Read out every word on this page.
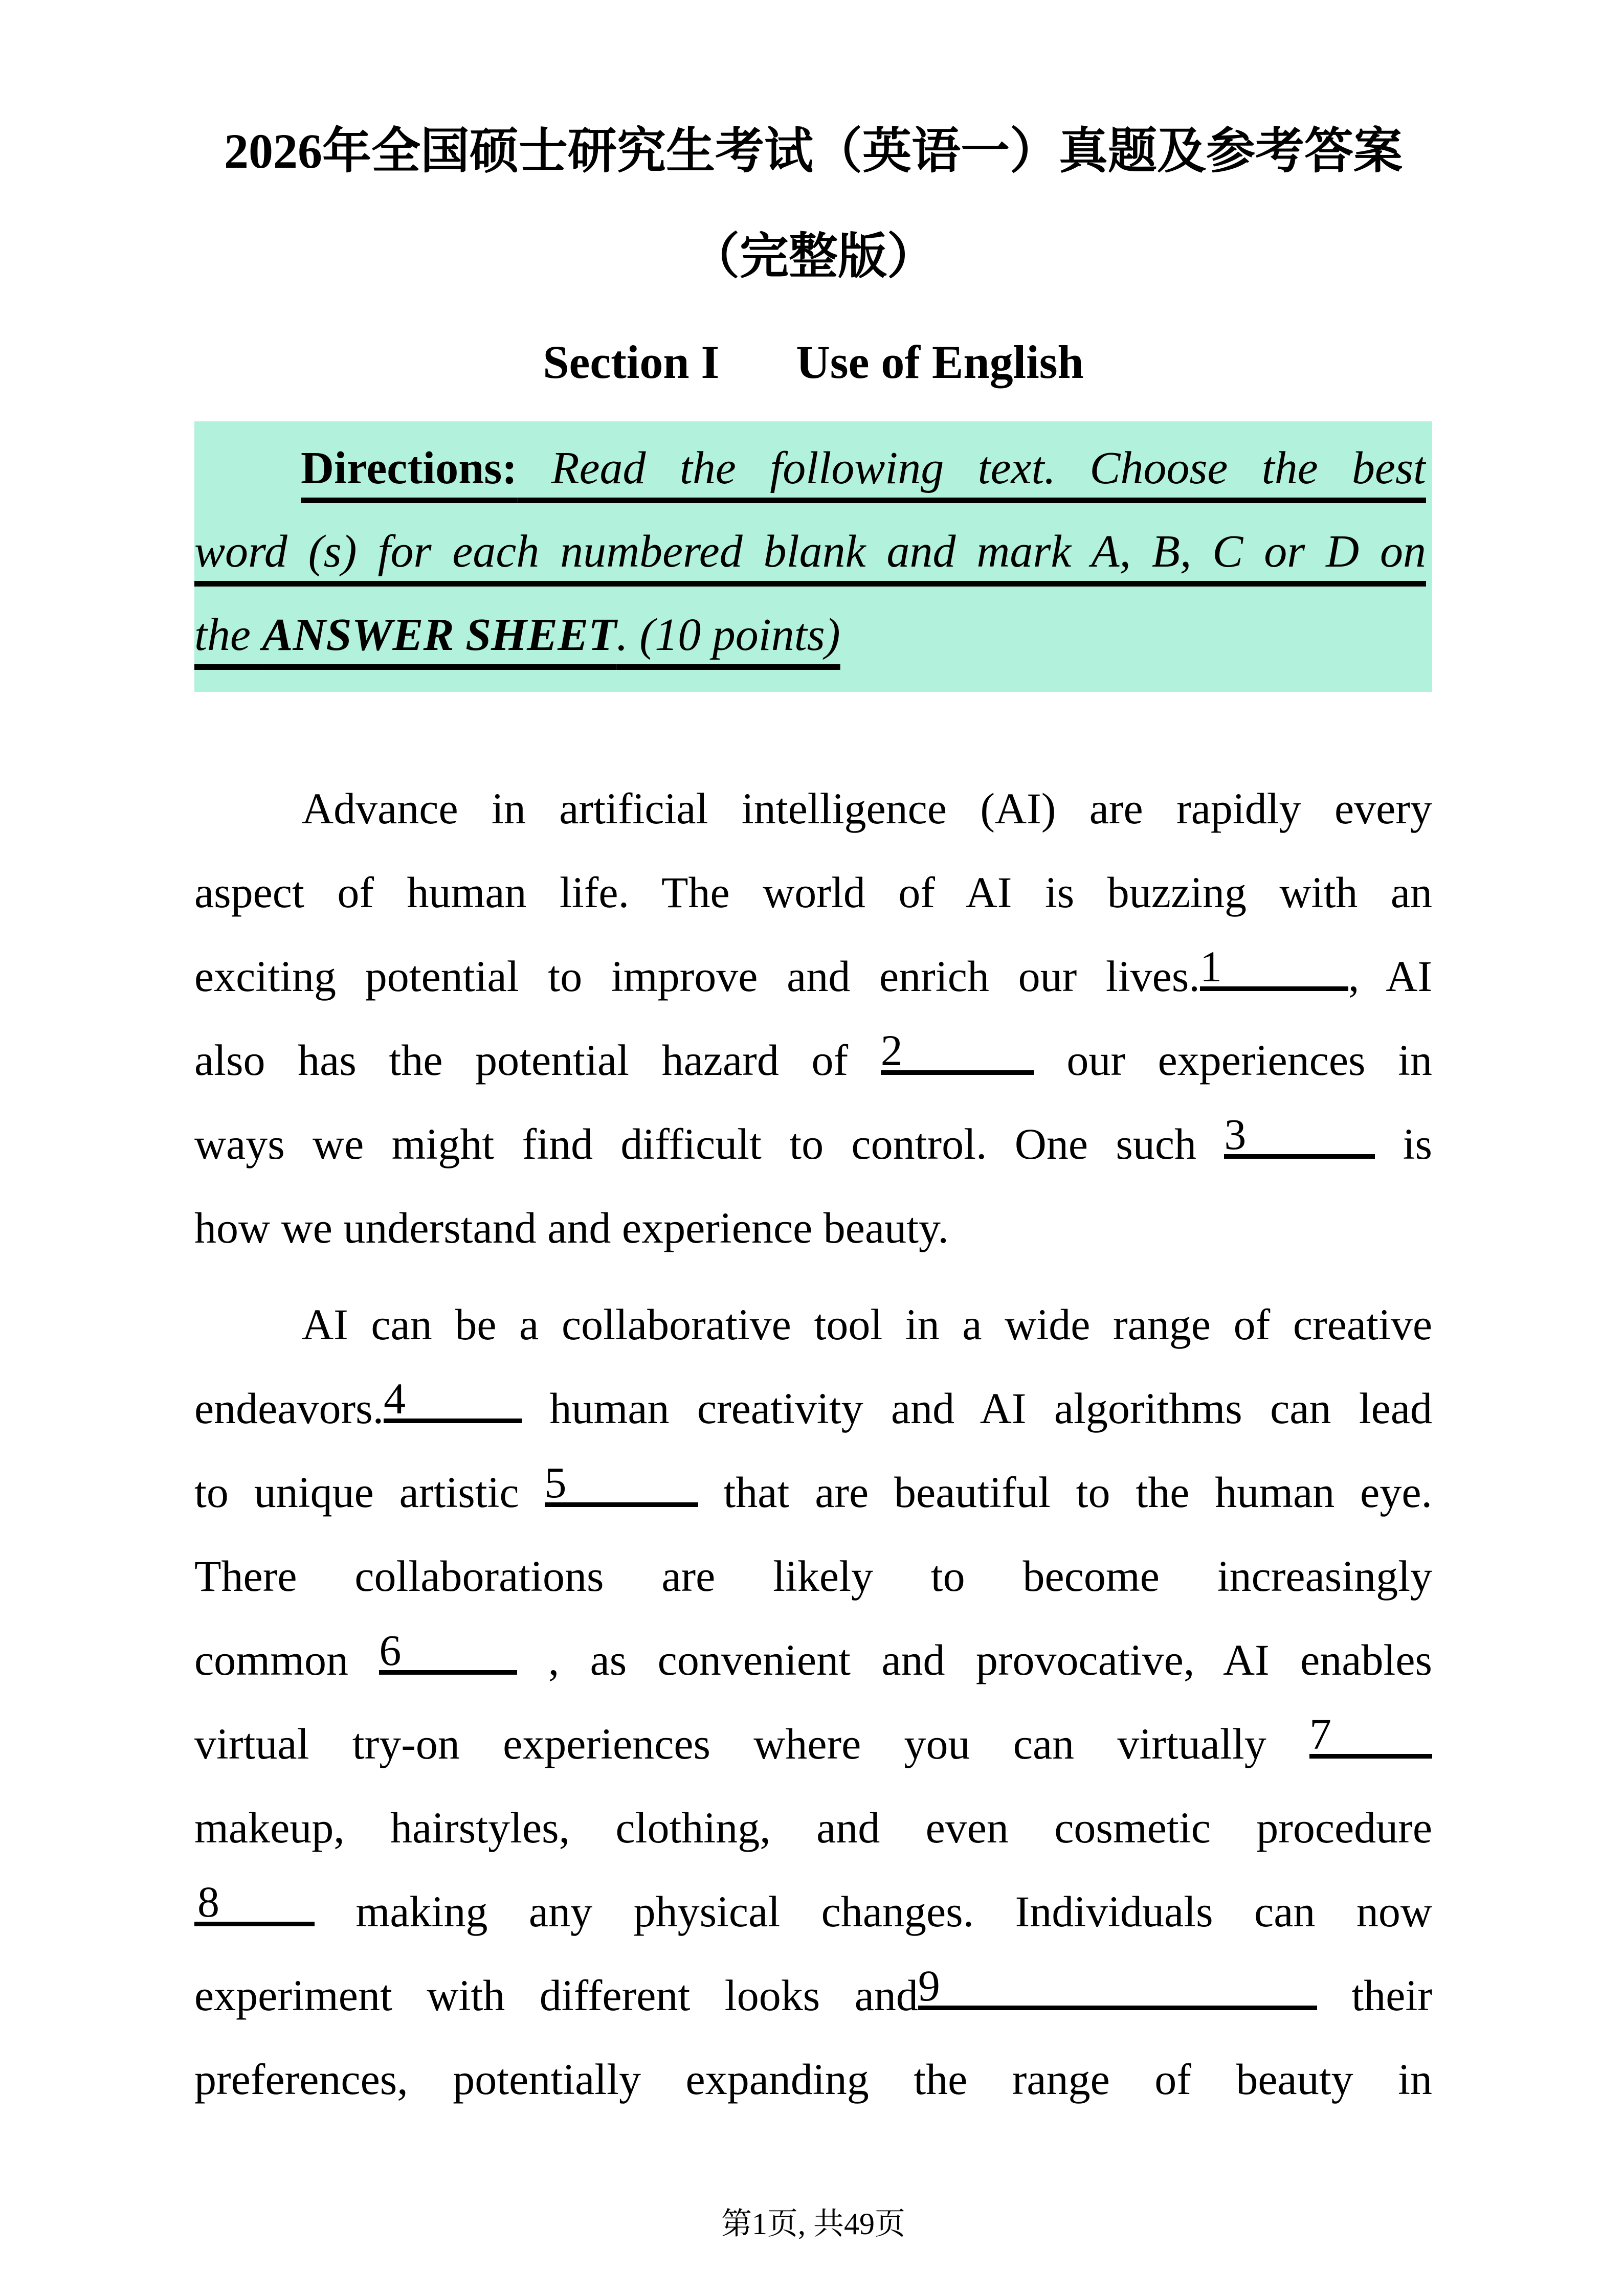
2026年全国硕士研究生考试（英语一）真题及参考答案
（完整版）
Section I Use of English
Directions: Read the following text. Choose the best
word (s) for each numbered blank and mark A, B, C or D on
the ANSWER SHEET. (10 points)
Advance in artificial intelligence (AI) are rapidly every
aspect of human life. The world of AI is buzzing with an
exciting potential to improve and enrich our lives.1	, AI
also has the potential hazard of 2	our experiences in
ways we might find difficult to control. One such 3	is
how we understand and experience beauty.
AI can be a collaborative tool in a wide range of creative
endeavors.4	human creativity and AI algorithms can lead
to unique artistic 5	that are beautiful to the human eye.
There collaborations are likely to become increasingly
common 6	, as convenient and provocative, AI enables
virtual try-on experiences where you can virtually 7
makeup, hairstyles, clothing, and even cosmetic procedure
8 making any physical changes. Individuals can now
experiment with different looks and9	their
preferences, potentially expanding the range of beauty in
第1页, 共49页
